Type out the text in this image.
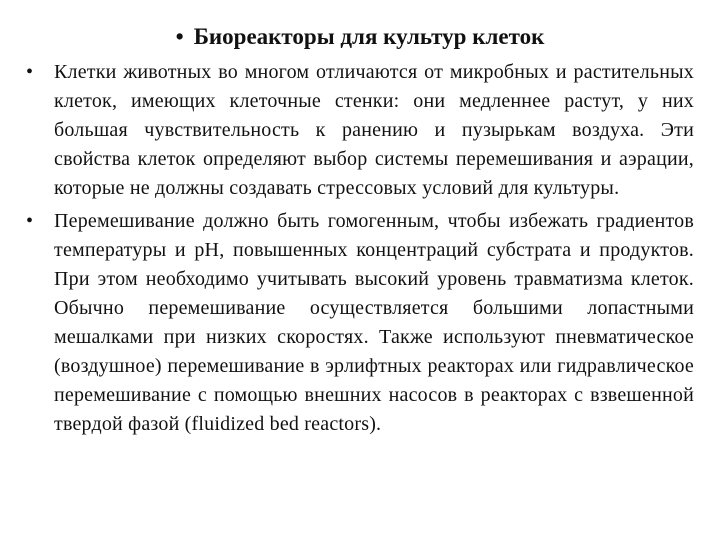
• Биореакторы для культур клеток
•	Клетки животных во многом отличаются от микробных и растительных клеток, имеющих клеточные стенки: они медленнее растут, у них большая чувствительность к ранению и пузырькам воздуха. Эти свойства клеток определяют выбор системы перемешивания и аэрации, которые не должны создавать стрессовых условий для культуры.
•	Перемешивание должно быть гомогенным, чтобы избежать градиентов температуры и рН, повышенных концентраций субстрата и продуктов. При этом необходимо учитывать высокий уровень травматизма клеток. Обычно перемешивание осуществляется большими лопастными мешалками при низких скоростях. Также используют пневматическое (воздушное) перемешивание в эрлифтных реакторах или гидравлическое перемешивание с помощью внешних насосов в реакторах с взвешенной твердой фазой (fluidized bed reactors).
